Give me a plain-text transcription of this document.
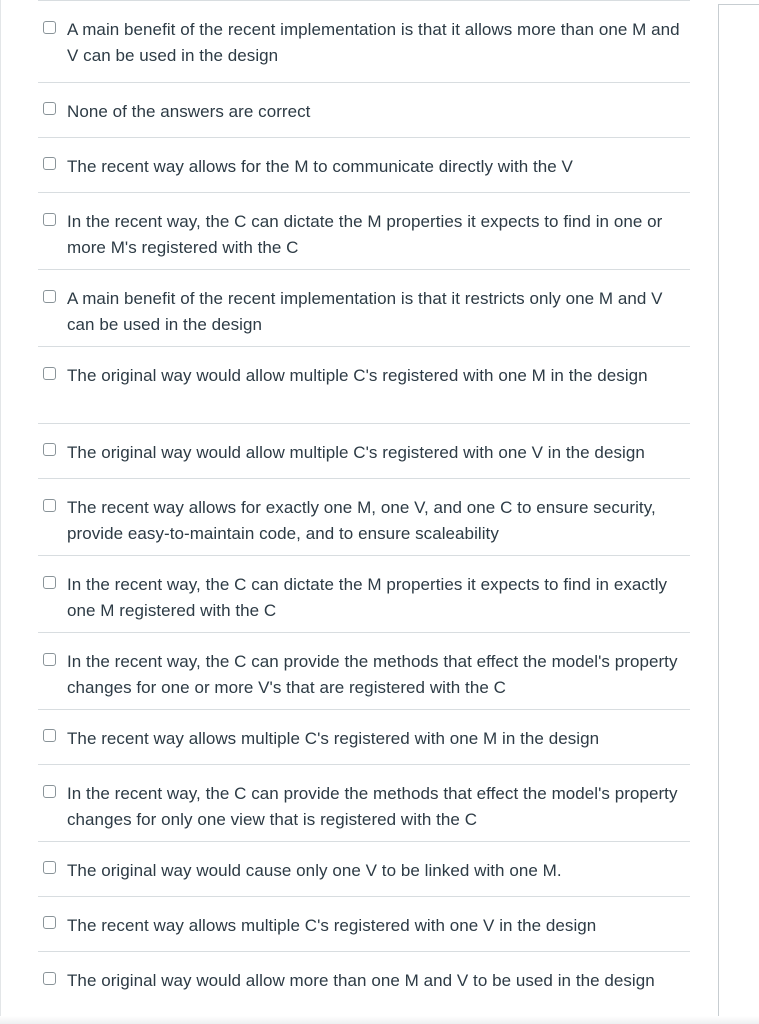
A main benefit of the recent implementation is that it allows more than one M and V can be used in the design
None of the answers are correct
The recent way allows for the M to communicate directly with the V
In the recent way, the C can dictate the M properties it expects to find in one or more M's registered with the C
A main benefit of the recent implementation is that it restricts only one M and V can be used in the design
The original way would allow multiple C's registered with one M in the design
The original way would allow multiple C's registered with one V in the design
The recent way allows for exactly one M, one V, and one C to ensure security, provide easy-to-maintain code, and to ensure scaleability
In the recent way, the C can dictate the M properties it expects to find in exactly one M registered with the C
In the recent way, the C can provide the methods that effect the model's property changes for one or more V's that are registered with the C
The recent way allows multiple C's registered with one M in the design
In the recent way, the C can provide the methods that effect the model's property changes for only one view that is registered with the C
The original way would cause only one V to be linked with one M.
The recent way allows multiple C's registered with one V in the design
The original way would allow more than one M and V to be used in the design
